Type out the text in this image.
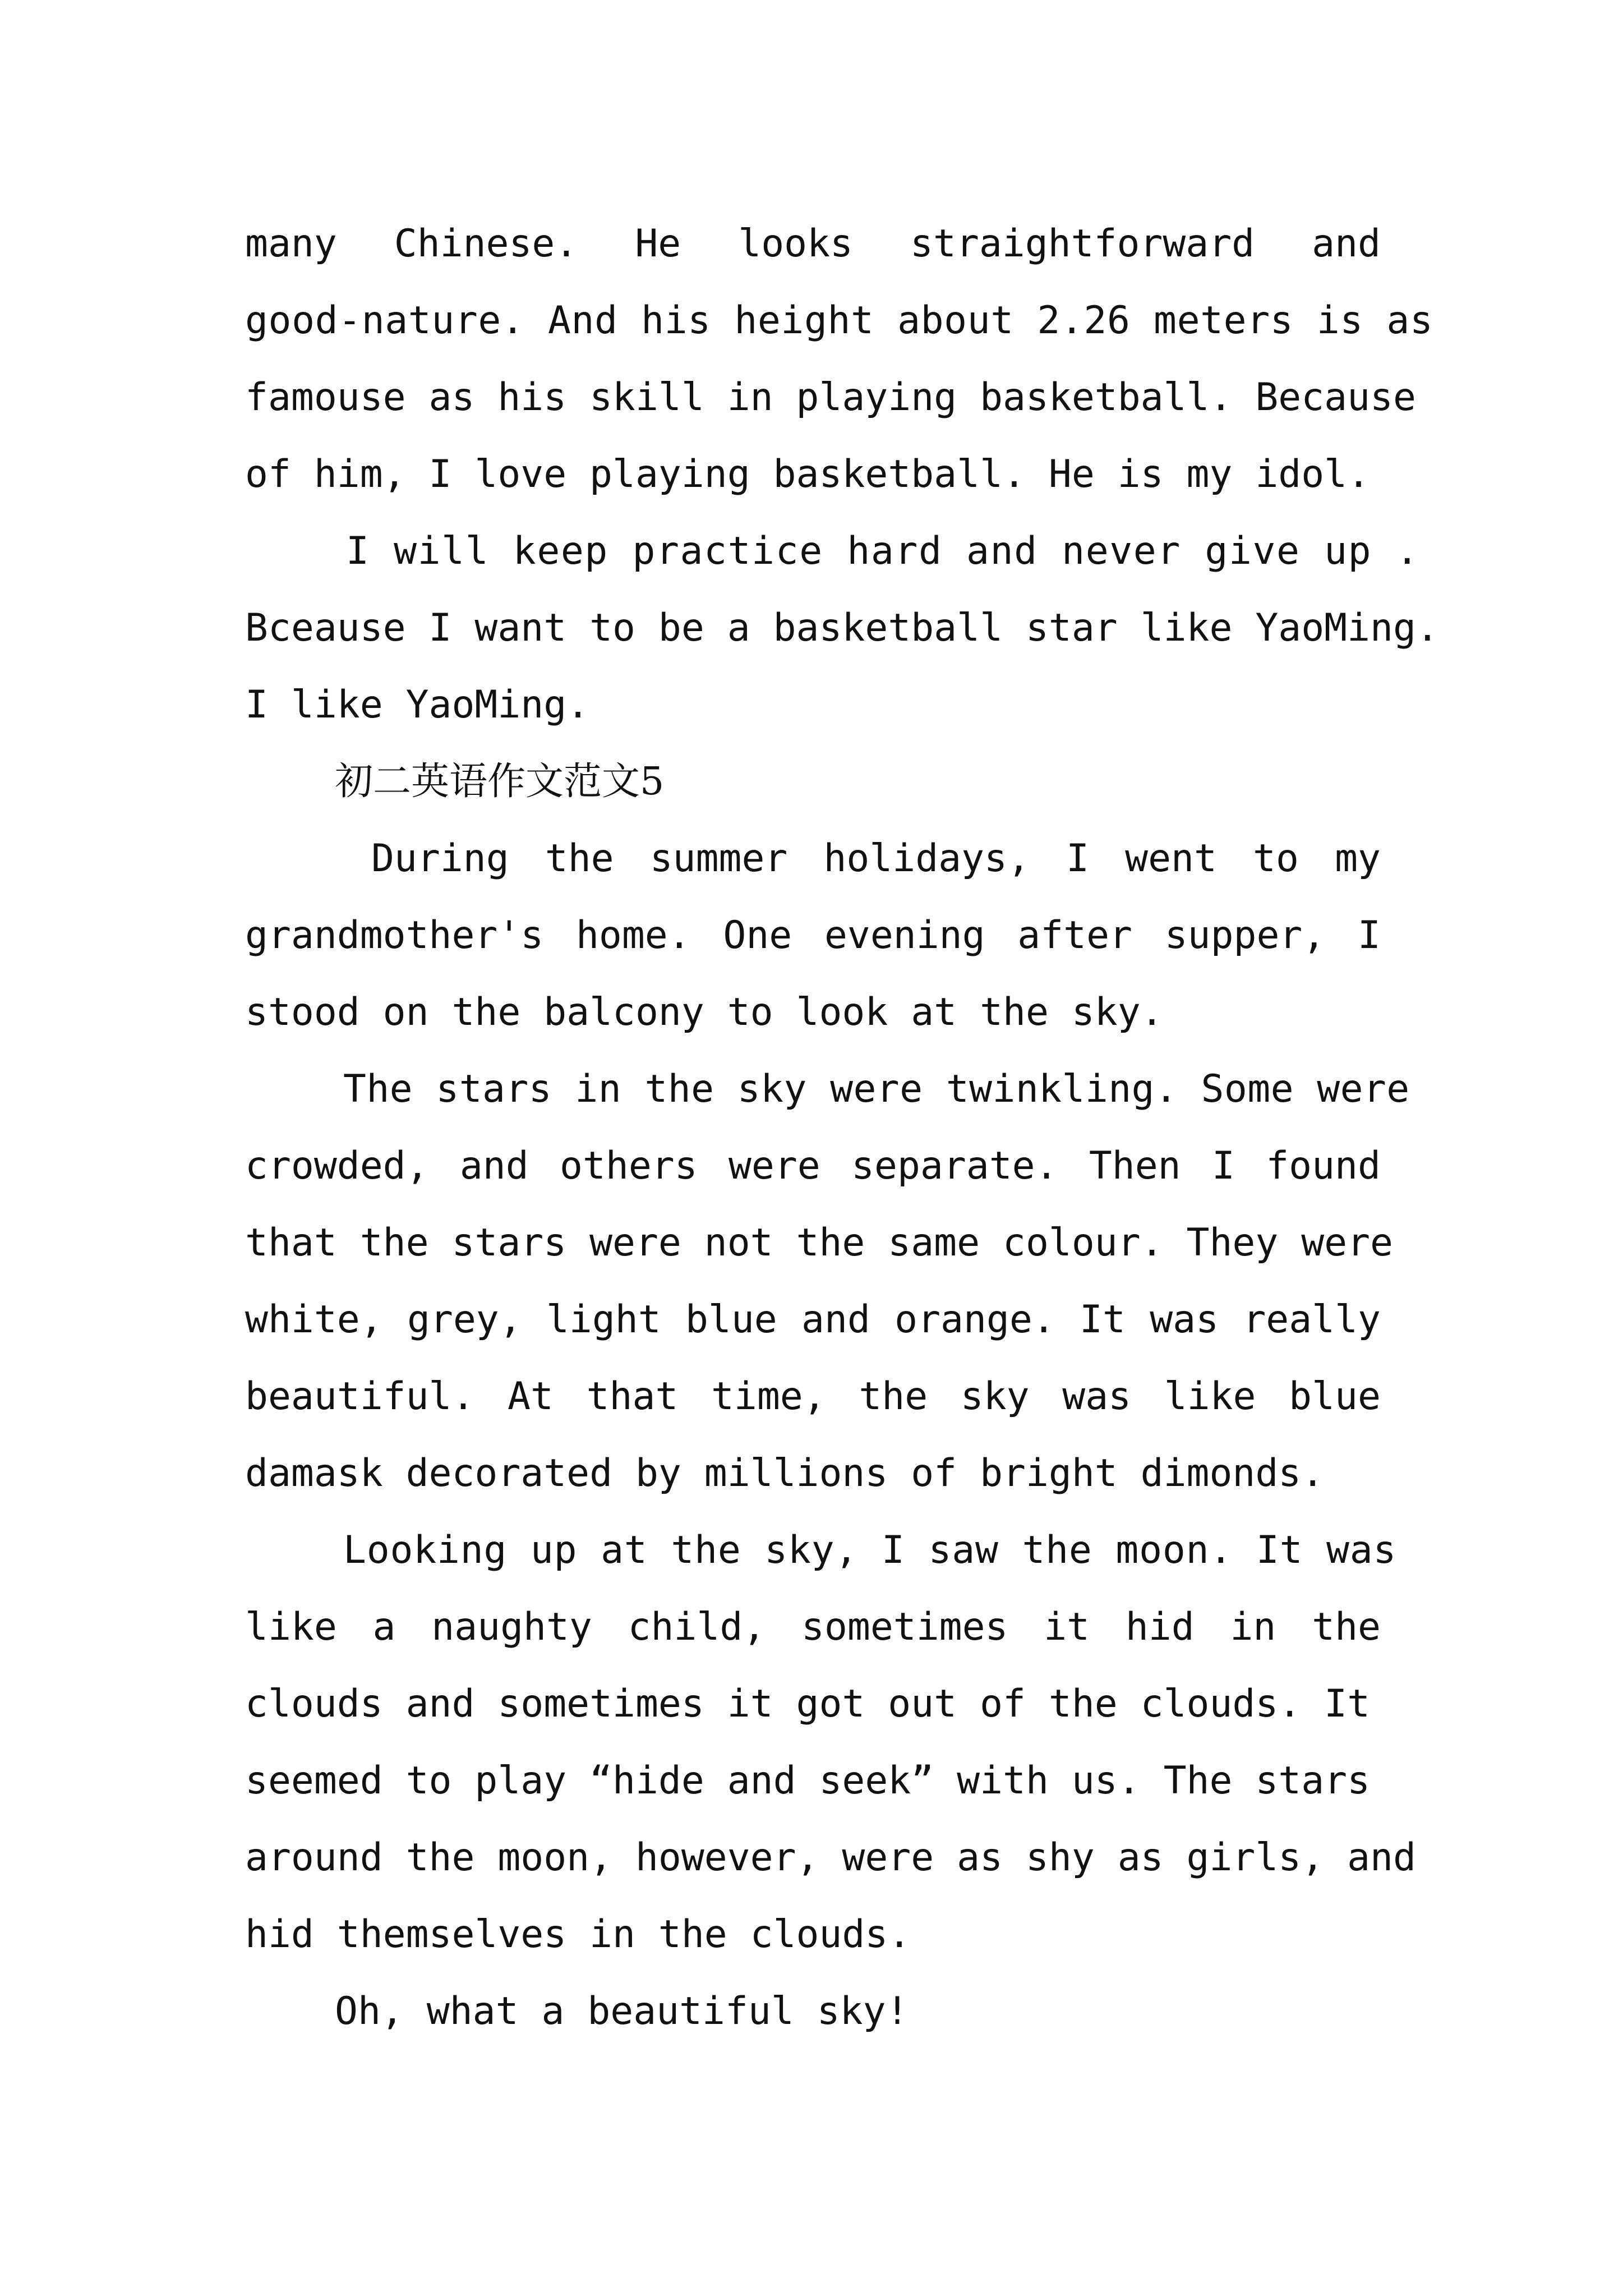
many Chinese. He looks straightforward and
good-nature. And his height about 2.26 meters is as
famouse as his skill in playing basketball. Because
of him, I love playing basketball. He is my idol.
I will keep practice hard and never give up .
Bceause I want to be a basketball star like YaoMing.
I like YaoMing.
初二英语作文范文5
During the summer holidays, I went to my
grandmother's home. One evening after supper, I
stood on the balcony to look at the sky.
The stars in the sky were twinkling. Some were
crowded, and others were separate. Then I found
that the stars were not the same colour. They were
white, grey, light blue and orange. It was really
beautiful. At that time, the sky was like blue
damask decorated by millions of bright dimonds.
Looking up at the sky, I saw the moon. It was
like a naughty child, sometimes it hid in the
clouds and sometimes it got out of the clouds. It
seemed to play “hide and seek” with us. The stars
around the moon, however, were as shy as girls, and
hid themselves in the clouds.
Oh, what a beautiful sky!
